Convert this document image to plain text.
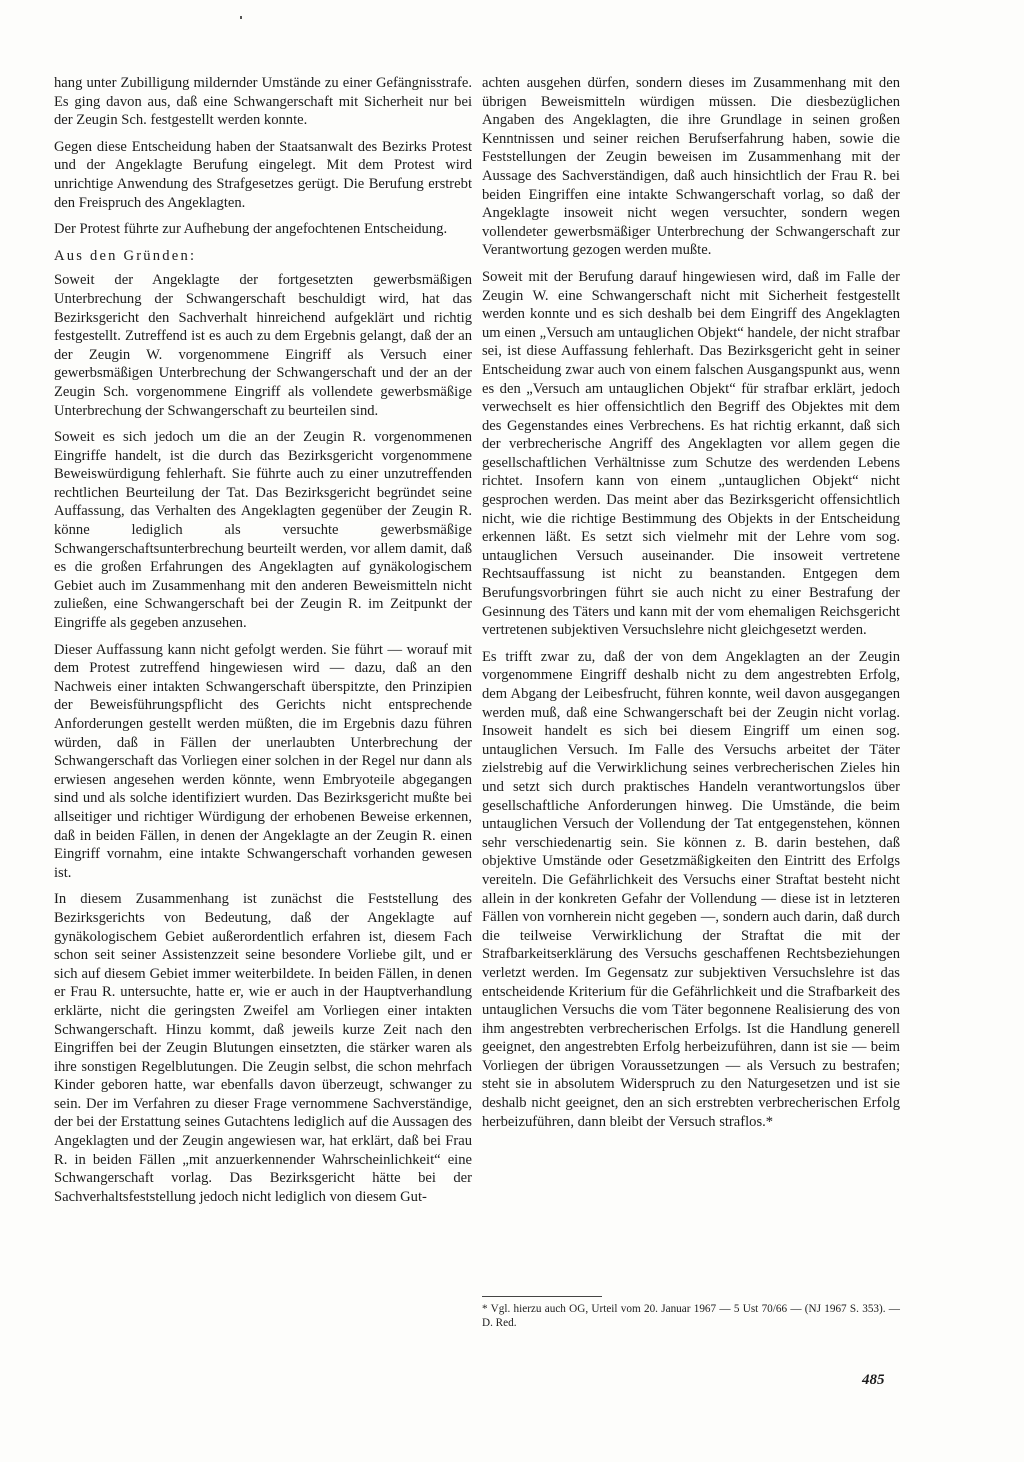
hang unter Zubilligung mildernder Umstände zu einer Gefängnisstrafe. Es ging davon aus, daß eine Schwangerschaft mit Sicherheit nur bei der Zeugin Sch. festgestellt werden konnte.

Gegen diese Entscheidung haben der Staatsanwalt des Bezirks Protest und der Angeklagte Berufung eingelegt. Mit dem Protest wird unrichtige Anwendung des Strafgesetzes gerügt. Die Berufung erstrebt den Freispruch des Angeklagten.

Der Protest führte zur Aufhebung der angefochtenen Entscheidung.

Aus den Gründen:

Soweit der Angeklagte der fortgesetzten gewerbsmäßigen Unterbrechung der Schwangerschaft beschuldigt wird, hat das Bezirksgericht den Sachverhalt hinreichend aufgeklärt und richtig festgestellt. Zutreffend ist es auch zu dem Ergebnis gelangt, daß der an der Zeugin W. vorgenommene Eingriff als Versuch einer gewerbsmäßigen Unterbrechung der Schwangerschaft und der an der Zeugin Sch. vorgenommene Eingriff als vollendete gewerbsmäßige Unterbrechung der Schwangerschaft zu beurteilen sind.

Soweit es sich jedoch um die an der Zeugin R. vorgenommenen Eingriffe handelt, ist die durch das Bezirksgericht vorgenommene Beweiswürdigung fehlerhaft. Sie führte auch zu einer unzutreffenden rechtlichen Beurteilung der Tat. Das Bezirksgericht begründet seine Auffassung, das Verhalten des Angeklagten gegenüber der Zeugin R. könne lediglich als versuchte gewerbsmäßige Schwangerschaftsunterbrechung beurteilt werden, vor allem damit, daß es die großen Erfahrungen des Angeklagten auf gynäkologischem Gebiet auch im Zusammenhang mit den anderen Beweismitteln nicht zuließen, eine Schwangerschaft bei der Zeugin R. im Zeitpunkt der Eingriffe als gegeben anzusehen.

Dieser Auffassung kann nicht gefolgt werden. Sie führt — worauf mit dem Protest zutreffend hingewiesen wird — dazu, daß an den Nachweis einer intakten Schwangerschaft überspitzte, den Prinzipien der Beweisführungspflicht des Gerichts nicht entsprechende Anforderungen gestellt werden müßten, die im Ergebnis dazu führen würden, daß in Fällen der unerlaubten Unterbrechung der Schwangerschaft das Vorliegen einer solchen in der Regel nur dann als erwiesen angesehen werden könnte, wenn Embryoteile abgegangen sind und als solche identifiziert wurden. Das Bezirksgericht mußte bei allseitiger und richtiger Würdigung der erhobenen Beweise erkennen, daß in beiden Fällen, in denen der Angeklagte an der Zeugin R. einen Eingriff vornahm, eine intakte Schwangerschaft vorhanden gewesen ist.

In diesem Zusammenhang ist zunächst die Feststellung des Bezirksgerichts von Bedeutung, daß der Angeklagte auf gynäkologischem Gebiet außerordentlich erfahren ist, diesem Fach schon seit seiner Assistenzzeit seine besondere Vorliebe gilt, und er sich auf diesem Gebiet immer weiterbildete. In beiden Fällen, in denen er Frau R. untersuchte, hatte er, wie er auch in der Hauptverhandlung erklärte, nicht die geringsten Zweifel am Vorliegen einer intakten Schwangerschaft. Hinzu kommt, daß jeweils kurze Zeit nach den Eingriffen bei der Zeugin Blutungen einsetzten, die stärker waren als ihre sonstigen Regelblutungen. Die Zeugin selbst, die schon mehrfach Kinder geboren hatte, war ebenfalls davon überzeugt, schwanger zu sein. Der im Verfahren zu dieser Frage vernommene Sachverständige, der bei der Erstattung seines Gutachtens lediglich auf die Aussagen des Angeklagten und der Zeugin angewiesen war, hat erklärt, daß bei Frau R. in beiden Fällen „mit anzuerkennender Wahrscheinlichkeit“ eine Schwangerschaft vorlag. Das Bezirksgericht hätte bei der Sachverhaltsfeststellung jedoch nicht lediglich von diesem Gut-

achten ausgehen dürfen, sondern dieses im Zusammenhang mit den übrigen Beweismitteln würdigen müssen. Die diesbezüglichen Angaben des Angeklagten, die ihre Grundlage in seinen großen Kenntnissen und seiner reichen Berufserfahrung haben, sowie die Feststellungen der Zeugin beweisen im Zusammenhang mit der Aussage des Sachverständigen, daß auch hinsichtlich der Frau R. bei beiden Eingriffen eine intakte Schwangerschaft vorlag, so daß der Angeklagte insoweit nicht wegen versuchter, sondern wegen vollendeter gewerbsmäßiger Unterbrechung der Schwangerschaft zur Verantwortung gezogen werden mußte.

Soweit mit der Berufung darauf hingewiesen wird, daß im Falle der Zeugin W. eine Schwangerschaft nicht mit Sicherheit festgestellt werden konnte und es sich deshalb bei dem Eingriff des Angeklagten um einen „Versuch am untauglichen Objekt“ handele, der nicht strafbar sei, ist diese Auffassung fehlerhaft. Das Bezirksgericht geht in seiner Entscheidung zwar auch von einem falschen Ausgangspunkt aus, wenn es den „Versuch am untauglichen Objekt“ für strafbar erklärt, jedoch verwechselt es hier offensichtlich den Begriff des Objektes mit dem des Gegenstandes eines Verbrechens. Es hat richtig erkannt, daß sich der verbrecherische Angriff des Angeklagten vor allem gegen die gesellschaftlichen Verhältnisse zum Schutze des werdenden Lebens richtet. Insofern kann von einem „untauglichen Objekt“ nicht gesprochen werden. Das meint aber das Bezirksgericht offensichtlich nicht, wie die richtige Bestimmung des Objekts in der Entscheidung erkennen läßt. Es setzt sich vielmehr mit der Lehre vom sog. untauglichen Versuch auseinander. Die insoweit vertretene Rechtsauffassung ist nicht zu beanstanden. Entgegen dem Berufungsvorbringen führt sie auch nicht zu einer Bestrafung der Gesinnung des Täters und kann mit der vom ehemaligen Reichsgericht vertretenen subjektiven Versuchslehre nicht gleichgesetzt werden.

Es trifft zwar zu, daß der von dem Angeklagten an der Zeugin vorgenommene Eingriff deshalb nicht zu dem angestrebten Erfolg, dem Abgang der Leibesfrucht, führen konnte, weil davon ausgegangen werden muß, daß eine Schwangerschaft bei der Zeugin nicht vorlag. Insoweit handelt es sich bei diesem Eingriff um einen sog. untauglichen Versuch. Im Falle des Versuchs arbeitet der Täter zielstrebig auf die Verwirklichung seines verbrecherischen Zieles hin und setzt sich durch praktisches Handeln verantwortungslos über gesellschaftliche Anforderungen hinweg. Die Umstände, die beim untauglichen Versuch der Vollendung der Tat entgegenstehen, können sehr verschiedenartig sein. Sie können z. B. darin bestehen, daß objektive Umstände oder Gesetzmäßigkeiten den Eintritt des Erfolgs vereiteln. Die Gefährlichkeit des Versuchs einer Straftat besteht nicht allein in der konkreten Gefahr der Vollendung — diese ist in letzteren Fällen von vornherein nicht gegeben —, sondern auch darin, daß durch die teilweise Verwirklichung der Straftat die mit der Strafbarkeitserklärung des Versuchs geschaffenen Rechtsbeziehungen verletzt werden. Im Gegensatz zur subjektiven Versuchslehre ist das entscheidende Kriterium für die Gefährlichkeit und die Strafbarkeit des untauglichen Versuchs die vom Täter begonnene Realisierung des von ihm angestrebten verbrecherischen Erfolgs. Ist die Handlung generell geeignet, den angestrebten Erfolg herbeizuführen, dann ist sie — beim Vorliegen der übrigen Voraussetzungen — als Versuch zu bestrafen; steht sie in absolutem Widerspruch zu den Naturgesetzen und ist sie deshalb nicht geeignet, den an sich erstrebten verbrecherischen Erfolg herbeizuführen, dann bleibt der Versuch straflos.*

* Vgl. hierzu auch OG, Urteil vom 20. Januar 1967 — 5 Ust 70/66 — (NJ 1967 S. 353). — D. Red.
485
